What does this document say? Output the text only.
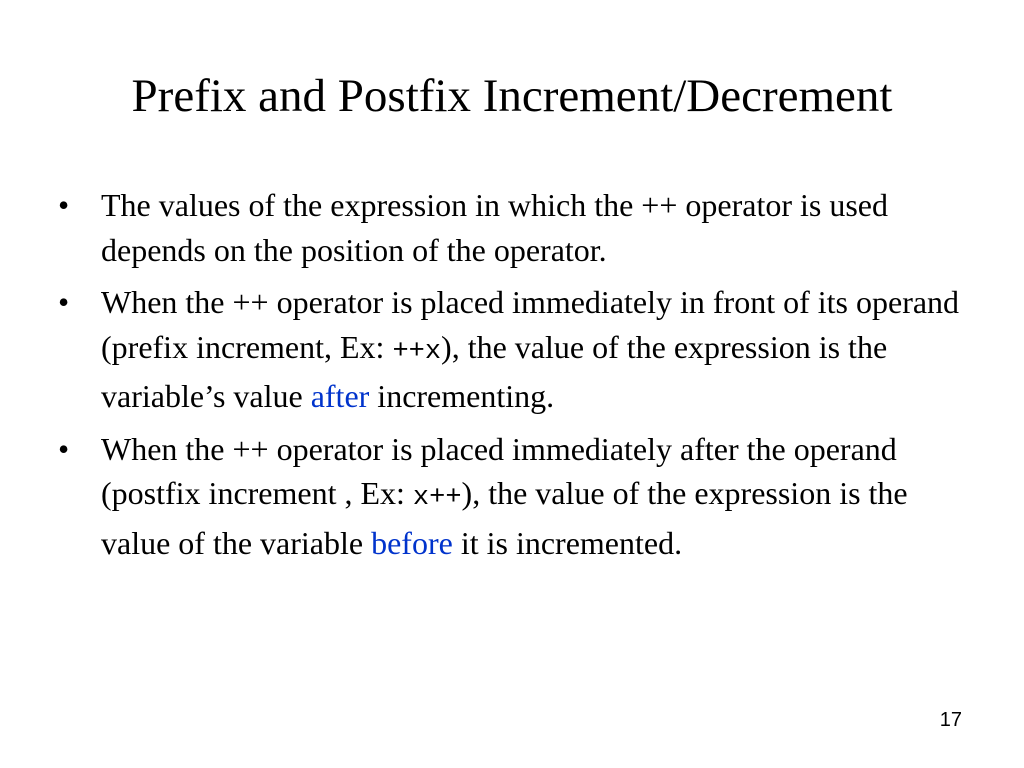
Prefix and Postfix Increment/Decrement
• The values of the expression in which the ++ operator is used depends on the position of the operator.
• When the ++ operator is placed immediately in front of its operand (prefix increment, Ex: ++x), the value of the expression is the variable’s value after incrementing.
• When the ++ operator is placed immediately after the operand (postfix increment , Ex: x++), the value of the expression is the value of the variable before it is incremented.
17
